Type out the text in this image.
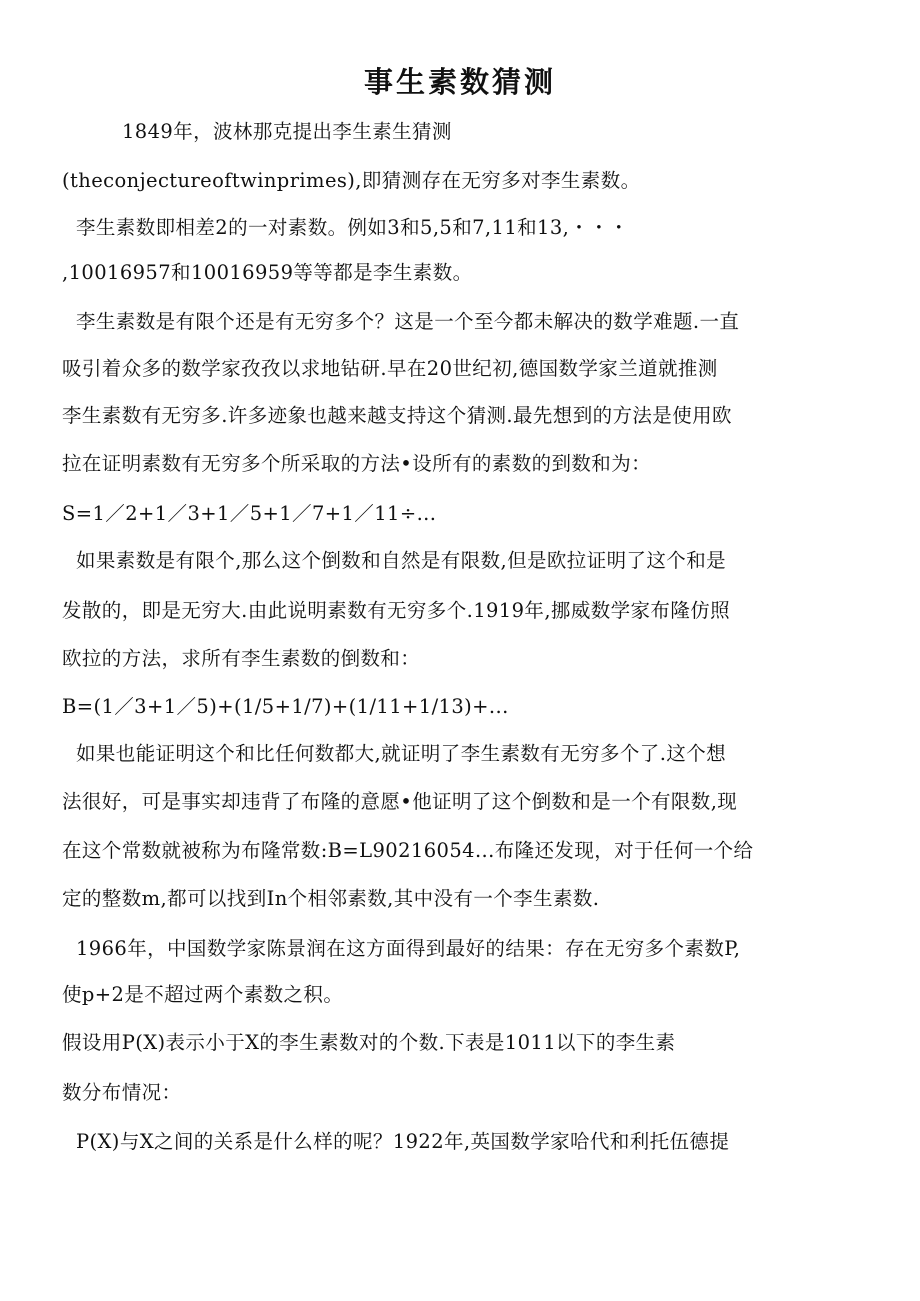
事生素数猜测
1849年，波林那克提出李生素生猜测
(theconjectureoftwinprimes),即猜测存在无穷多对李生素数。
李生素数即相差2的一对素数。例如3和5,5和7,11和13,・・・
,10016957和10016959等等都是李生素数。
李生素数是有限个还是有无穷多个？这是一个至今都未解决的数学难题.一直
吸引着众多的数学家孜孜以求地钻研.早在20世纪初,德国数学家兰道就推测
李生素数有无穷多.许多迹象也越来越支持这个猜测.最先想到的方法是使用欧
拉在证明素数有无穷多个所采取的方法•设所有的素数的到数和为：
S=1／2+1／3+1／5+1／7+1／11÷...
如果素数是有限个,那么这个倒数和自然是有限数,但是欧拉证明了这个和是
发散的，即是无穷大.由此说明素数有无穷多个.1919年,挪威数学家布隆仿照
欧拉的方法，求所有李生素数的倒数和：
B=(1／3+1／5)+(1/5+1/7)+(1/11+1/13)+...
如果也能证明这个和比任何数都大,就证明了李生素数有无穷多个了.这个想
法很好，可是事实却违背了布隆的意愿•他证明了这个倒数和是一个有限数,现
在这个常数就被称为布隆常数:B=L90216054...布隆还发现，对于任何一个给
定的整数m,都可以找到In个相邻素数,其中没有一个李生素数.
1966年，中国数学家陈景润在这方面得到最好的结果：存在无穷多个素数P,
使p+2是不超过两个素数之积。
假设用P(X)表示小于X的李生素数对的个数.下表是1011以下的李生素
数分布情况：
P(X)与X之间的关系是什么样的呢？1922年,英国数学家哈代和利托伍德提
